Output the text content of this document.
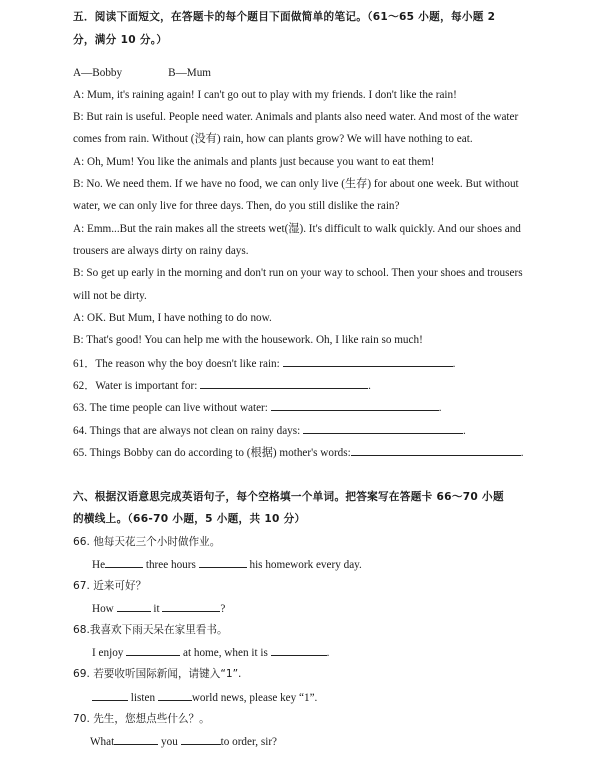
五．阅读下面短文，在答题卡的每个题目下面做简单的笔记。（61～65 小题，每小题 2
分，满分 10 分。）
A—Bobby	B—Mum
A: Mum, it's raining again! I can't go out to play with my friends. I don't like the rain!
B: But rain is useful. People need water. Animals and plants also need water. And most of the water
comes from rain. Without (没有) rain, how can plants grow? We will have nothing to eat.
A: Oh, Mum! You like the animals and plants just because you want to eat them!
B: No. We need them. If we have no food, we can only live (生存) for about one week. But without
water, we can only live for three days. Then, do you still dislike the rain?
A: Emm...But the rain makes all the streets wet(湿). It's difficult to walk quickly. And our shoes and
trousers are always dirty on rainy days.
B: So get up early in the morning and don't run on your way to school. Then your shoes and trousers
will not be dirty.
A: OK. But Mum, I have nothing to do now.
B: That's good! You can help me with the housework. Oh, I like rain so much!
61．The reason why the boy doesn't like rain:	.
62．Water is important for:	.
63. The time people can live without water:	.
64. Things that are always not clean on rainy days:	.
65. Things Bobby can do according to (根据) mother's words:	.
六、根据汉语意思完成英语句子，每个空格填一个单词。把答案写在答题卡 66～70 小题
的横线上。（66-70 小题，5 小题，共 10 分）
66. 他每天花三个小时做作业。
He	three hours	his homework every day.
67. 近来可好？
How	it	?
68.我喜欢下雨天呆在家里看书。
I enjoy	at home, when it is	.
69. 若要收听国际新闻，请键入“1”.
listen	world news, please key “1”.
70. 先生，您想点些什么？。
What	you	to order, sir?
